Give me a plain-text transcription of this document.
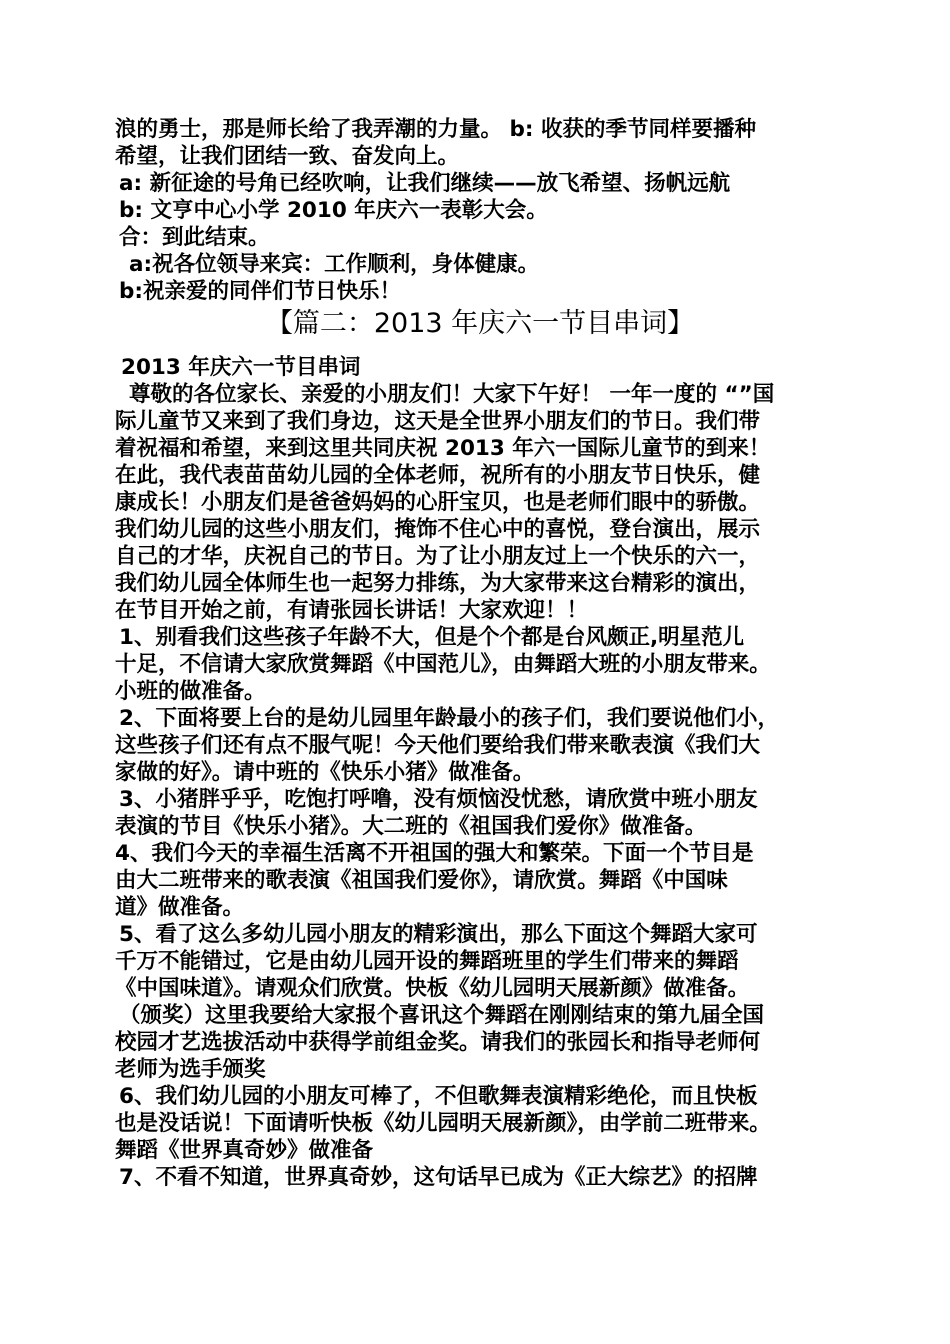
浪的勇士，那是师长给了我弄潮的力量。 b: 收获的季节同样要播种
希望，让我们团结一致、奋发向上。
a: 新征途的号角已经吹响，让我们继续——放飞希望、扬帆远航
b: 文亨中心小学 2010 年庆六一表彰大会。
合：到此结束。
a:祝各位领导来宾：工作顺利，身体健康。
b:祝亲爱的同伴们节日快乐！
【篇二：2013 年庆六一节目串词】
2013 年庆六一节目串词
尊敬的各位家长、亲爱的小朋友们！大家下午好！ 一年一度的 “”国
际儿童节又来到了我们身边，这天是全世界小朋友们的节日。我们带
着祝福和希望，来到这里共同庆祝 2013 年六一国际儿童节的到来！
在此，我代表苗苗幼儿园的全体老师，祝所有的小朋友节日快乐，健
康成长！小朋友们是爸爸妈妈的心肝宝贝，也是老师们眼中的骄傲。
我们幼儿园的这些小朋友们，掩饰不住心中的喜悦，登台演出，展示
自己的才华，庆祝自己的节日。为了让小朋友过上一个快乐的六一，
我们幼儿园全体师生也一起努力排练，为大家带来这台精彩的演出，
在节目开始之前，有请张园长讲话！大家欢迎！！
1、别看我们这些孩子年龄不大，但是个个都是台风颇正,明星范儿
十足，不信请大家欣赏舞蹈《中国范儿》，由舞蹈大班的小朋友带来。
小班的做准备。
2、下面将要上台的是幼儿园里年龄最小的孩子们，我们要说他们小，
这些孩子们还有点不服气呢！今天他们要给我们带来歌表演《我们大
家做的好》。请中班的《快乐小猪》做准备。
3、小猪胖乎乎，吃饱打呼噜，没有烦恼没忧愁，请欣赏中班小朋友
表演的节目《快乐小猪》。大二班的《祖国我们爱你》做准备。
4、我们今天的幸福生活离不开祖国的强大和繁荣。下面一个节目是
由大二班带来的歌表演《祖国我们爱你》，请欣赏。舞蹈《中国味
道》做准备。
5、看了这么多幼儿园小朋友的精彩演出，那么下面这个舞蹈大家可
千万不能错过，它是由幼儿园开设的舞蹈班里的学生们带来的舞蹈
《中国味道》。请观众们欣赏。快板《幼儿园明天展新颜》做准备。
（颁奖）这里我要给大家报个喜讯这个舞蹈在刚刚结束的第九届全国
校园才艺选拔活动中获得学前组金奖。请我们的张园长和指导老师何
老师为选手颁奖
6、我们幼儿园的小朋友可棒了，不但歌舞表演精彩绝伦，而且快板
也是没话说！下面请听快板《幼儿园明天展新颜》，由学前二班带来。
舞蹈《世界真奇妙》做准备
7、不看不知道，世界真奇妙，这句话早已成为《正大综艺》的招牌
